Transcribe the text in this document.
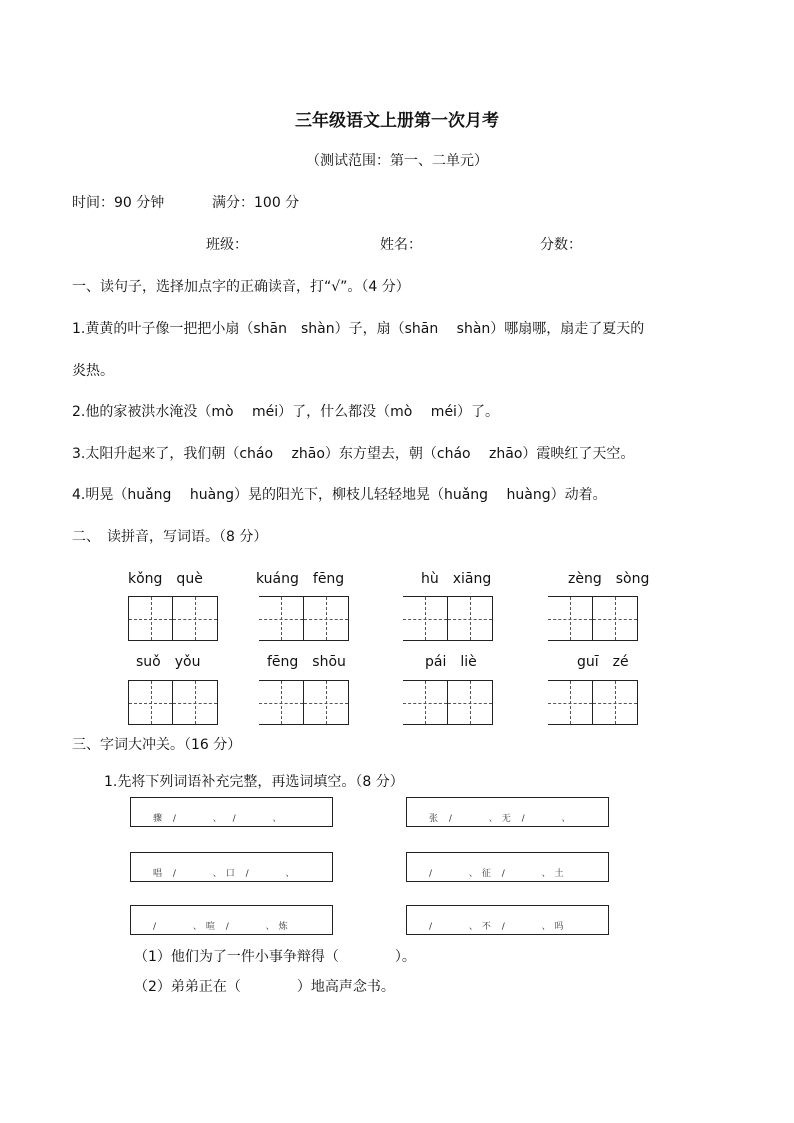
三年级语文上册第一次月考
（测试范围：第一、二单元）
时间：90 分钟	满分：100 分
班级：	姓名：	分数：
一、读句子，选择加点字的正确读音，打“√”。（4 分）
1.黄黄的叶子像一把把小扇（shān　shàn）子，扇（shān　 shàn）哪扇哪，扇走了夏天的
炎热。
2.他的家被洪水淹没（mò　 méi）了，什么都没（mò　 méi）了。
3.太阳升起来了，我们朝（cháo　 zhāo）东方望去，朝（cháo　 zhāo）霞映红了天空。
4.明晃（huǎng　 huàng）晃的阳光下，柳枝儿轻轻地晃（huǎng　 huàng）动着。
二、　读拼音，写词语。（8 分）
kǒng　què	kuáng　fēng	hù　xiāng	zèng　sòng
suǒ　yǒu	fēng　shōu	pái　liè	guī　zé
三、字词大冲关。（16 分）
1.先将下列词语补充完整，再选词填空。（8 分）
骤 /　　 、 /　　 、	张 /　　 、无 /　　 、
唱 /　　 、口 /　　 、	/　　 、征 /　　 、土
/　　 、喧 /　　 、炼	/　　 、不 /　　 、吗
（1）他们为了一件小事争辩得（　　　　）。
（2）弟弟正在（　　　　）地高声念书。
